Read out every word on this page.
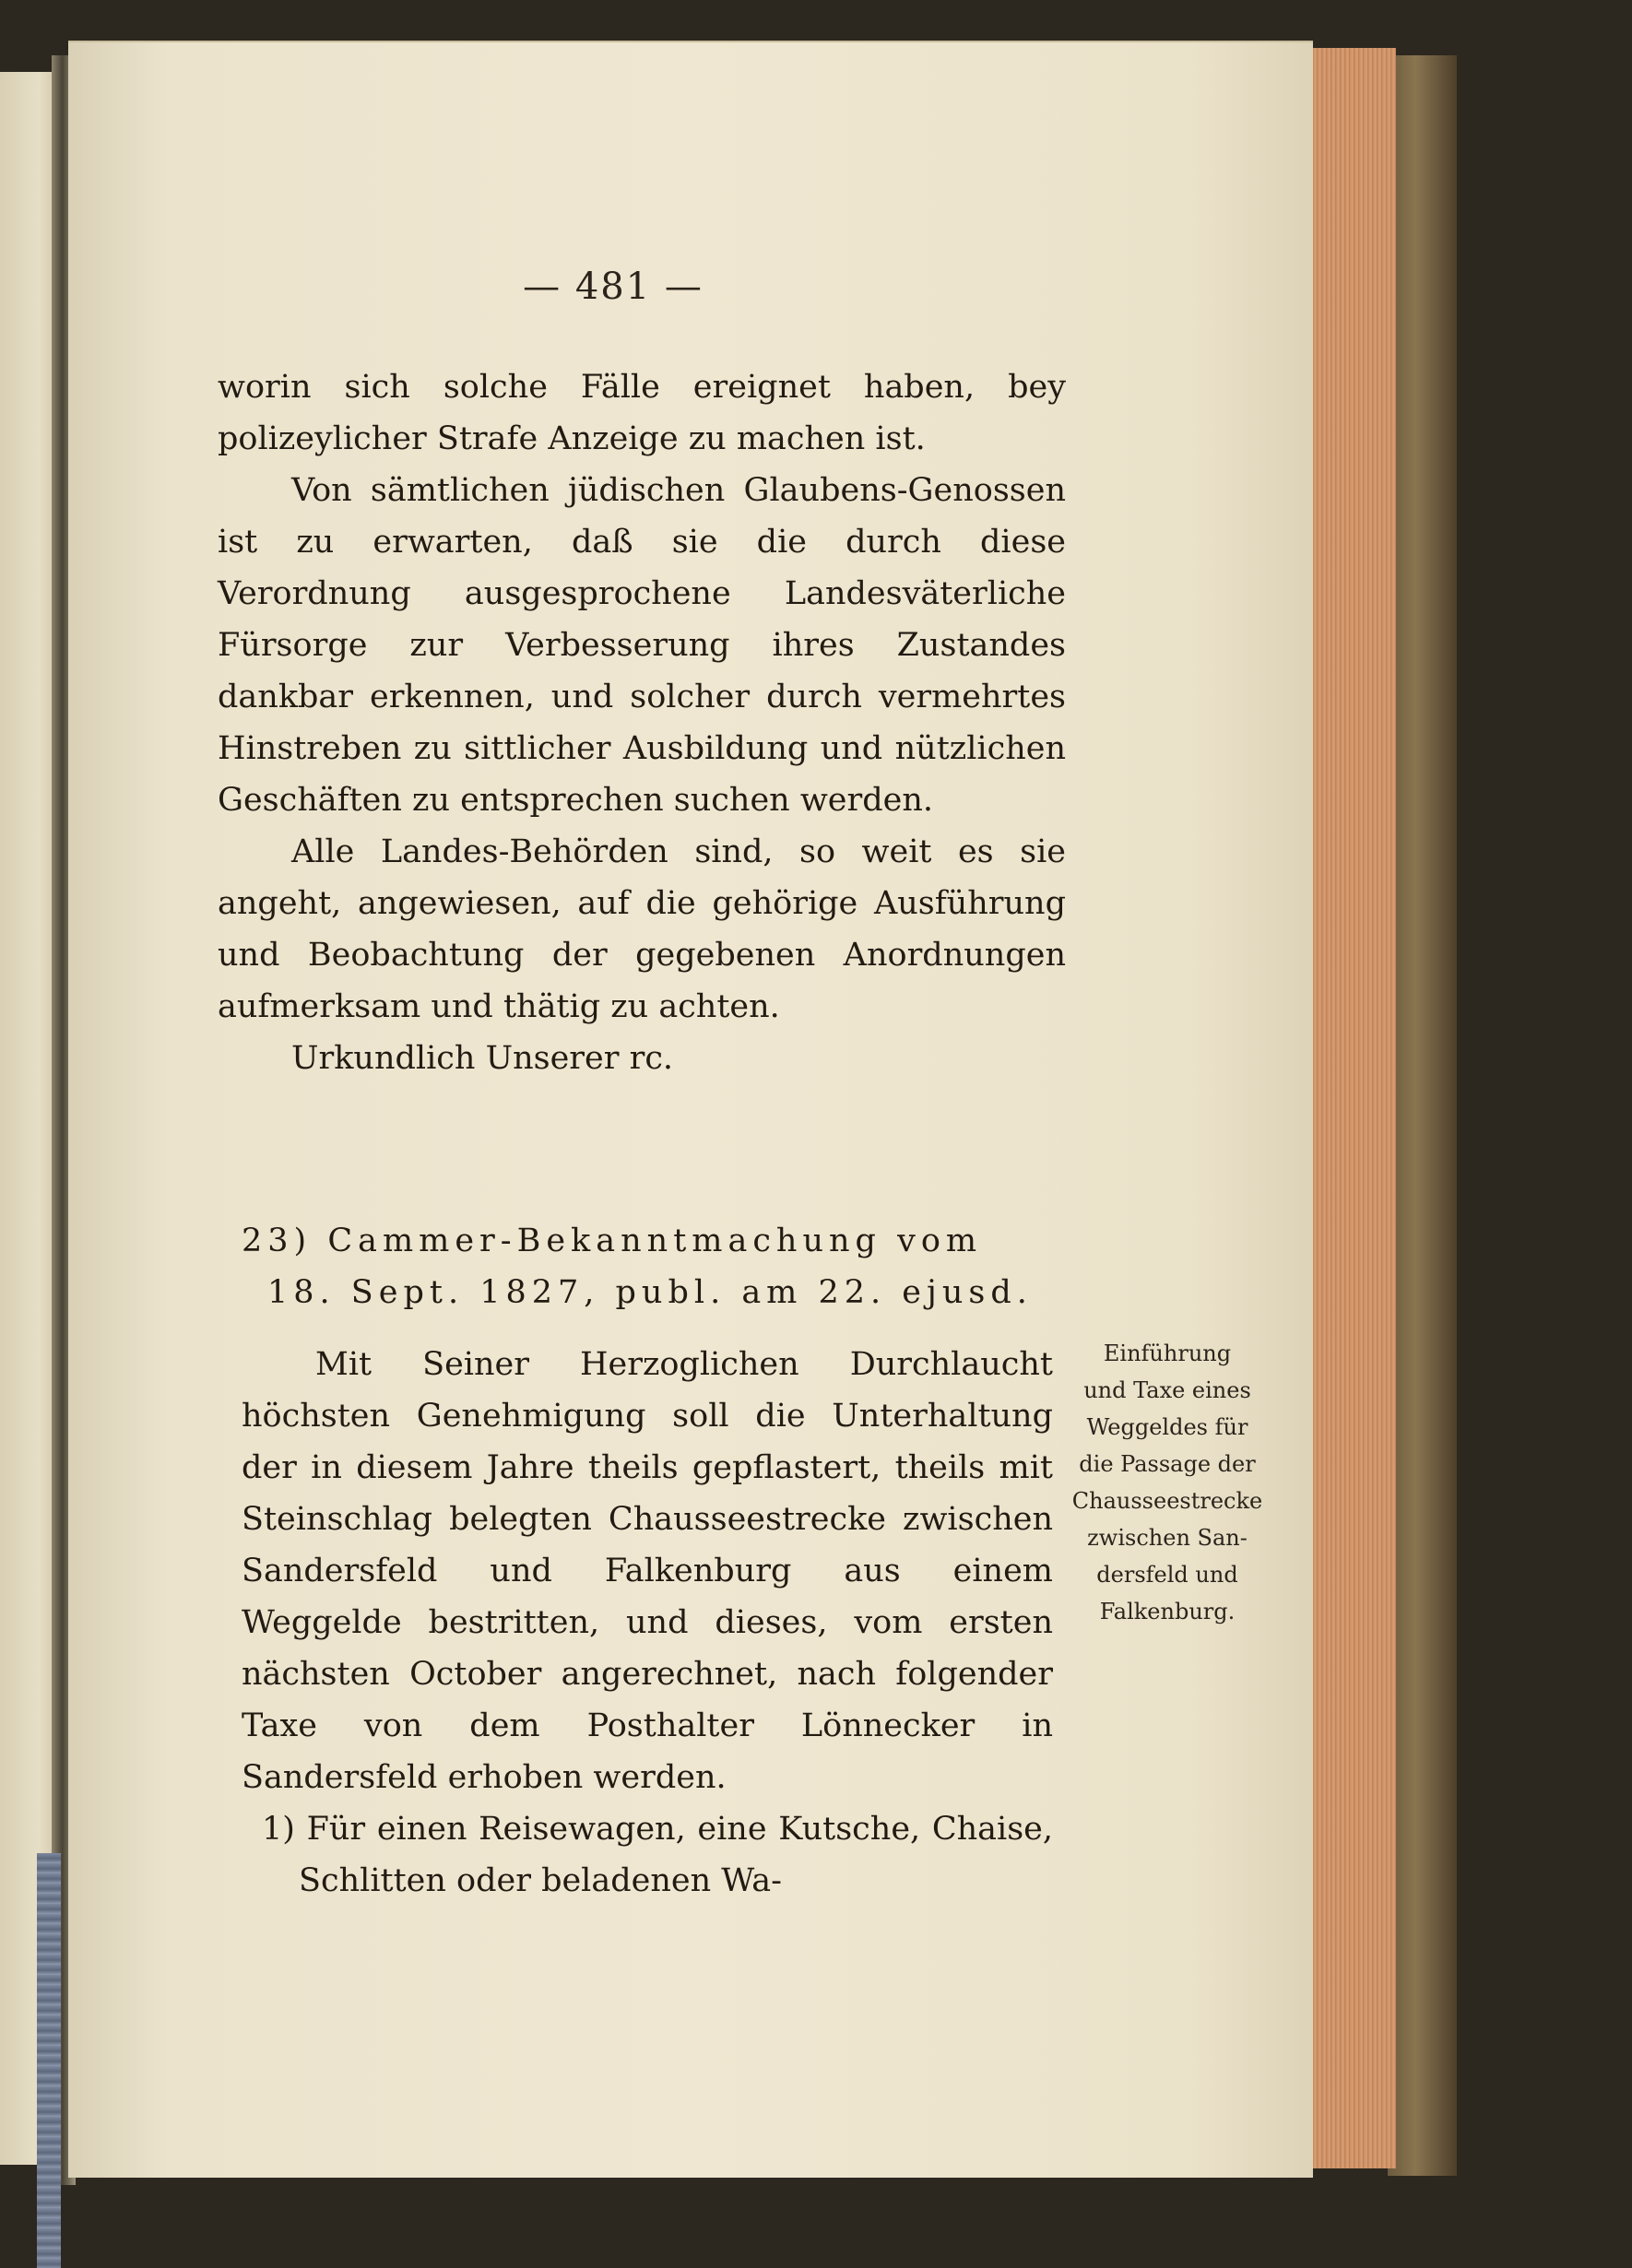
— 481 —

worin sich solche Fälle ereignet haben, bey polizeylicher Strafe Anzeige zu machen ist.

Von sämtlichen jüdischen Glaubens-Genossen ist zu erwarten, daß sie die durch diese Verordnung ausgesprochene Landesväterliche Fürsorge zur Verbesserung ihres Zustandes dankbar erkennen, und solcher durch vermehrtes Hinstreben zu sittlicher Ausbildung und nützlichen Geschäften zu entsprechen suchen werden.

Alle Landes-Behörden sind, so weit es sie angeht, angewiesen, auf die gehörige Ausführung und Beobachtung der gegebenen Anordnungen aufmerksam und thätig zu achten.

Urkundlich Unserer rc.

23) Cammer-Bekanntmachung vom
18. Sept. 1827, publ. am 22. ejusd.

Mit Seiner Herzoglichen Durchlaucht höchsten Genehmigung soll die Unterhaltung der in diesem Jahre theils gepflastert, theils mit Steinschlag belegten Chausseestrecke zwischen Sandersfeld und Falkenburg aus einem Weggelde bestritten, und dieses, vom ersten nächsten October angerechnet, nach folgender Taxe von dem Posthalter Lönnecker in Sandersfeld erhoben werden.

1) Für einen Reisewagen, eine Kutsche, Chaise, Schlitten oder beladenen Wa-

Einführung
und Taxe eines
Weggeldes für
die Passage der
Chausseestrecke
zwischen San-
dersfeld und
Falkenburg.
